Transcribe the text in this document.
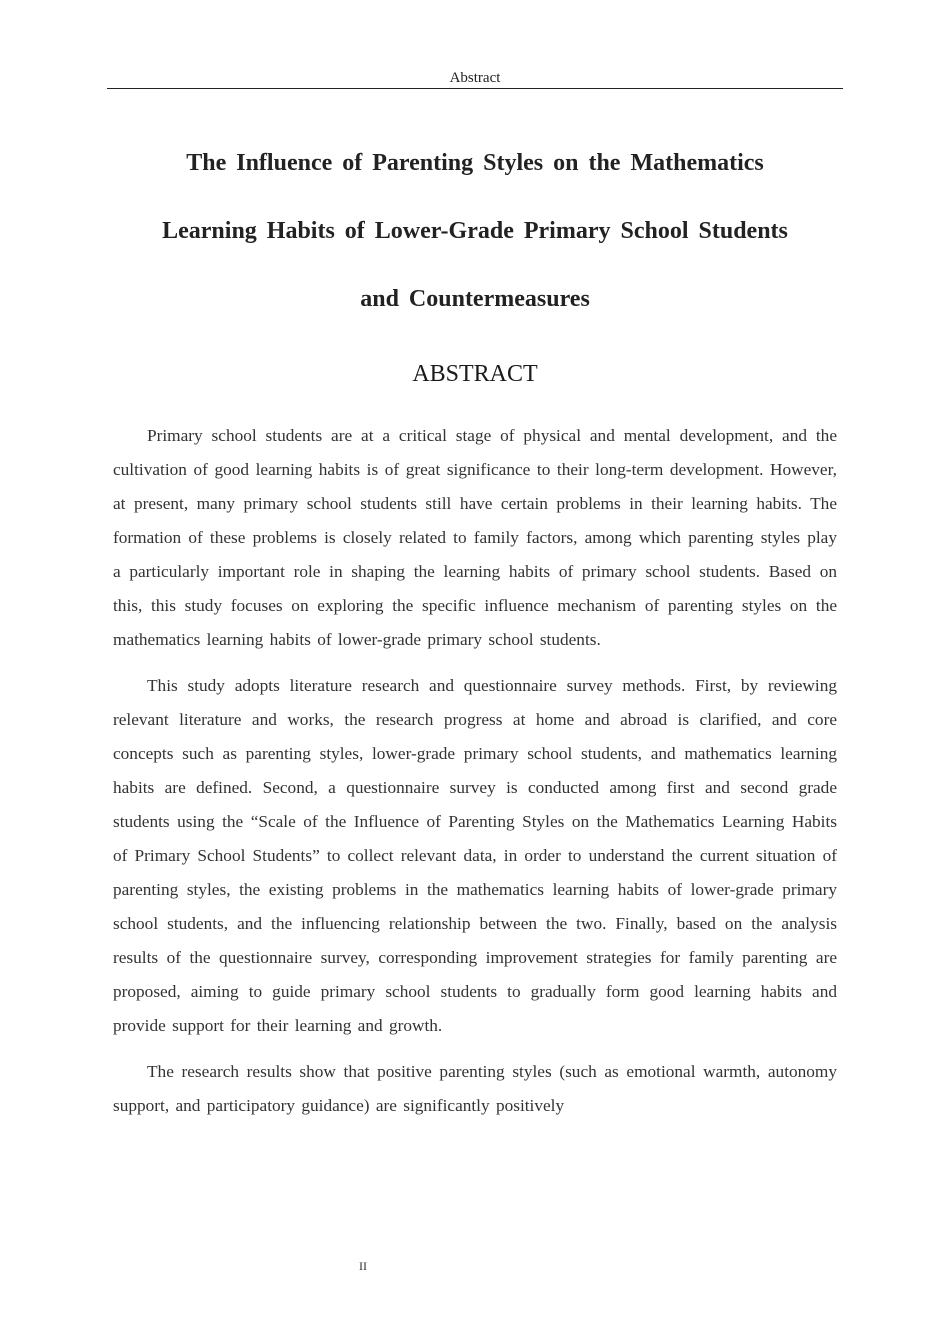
Abstract
The Influence of Parenting Styles on the Mathematics
Learning Habits of Lower-Grade Primary School Students
and Countermeasures
ABSTRACT

Primary school students are at a critical stage of physical and mental development, and the cultivation of good learning habits is of great significance to their long-term development. However, at present, many primary school students still have certain problems in their learning habits. The formation of these problems is closely related to family factors, among which parenting styles play a particularly important role in shaping the learning habits of primary school students. Based on this, this study focuses on exploring the specific influence mechanism of parenting styles on the mathematics learning habits of lower-grade primary school students.

This study adopts literature research and questionnaire survey methods. First, by reviewing relevant literature and works, the research progress at home and abroad is clarified, and core concepts such as parenting styles, lower-grade primary school students, and mathematics learning habits are defined. Second, a questionnaire survey is conducted among first and second grade students using the “Scale of the Influence of Parenting Styles on the Mathematics Learning Habits of Primary School Students” to collect relevant data, in order to understand the current situation of parenting styles, the existing problems in the mathematics learning habits of lower-grade primary school students, and the influencing relationship between the two. Finally, based on the analysis results of the questionnaire survey, corresponding improvement strategies for family parenting are proposed, aiming to guide primary school students to gradually form good learning habits and provide support for their learning and growth.

The research results show that positive parenting styles (such as emotional warmth, autonomy support, and participatory guidance) are significantly positively

II
